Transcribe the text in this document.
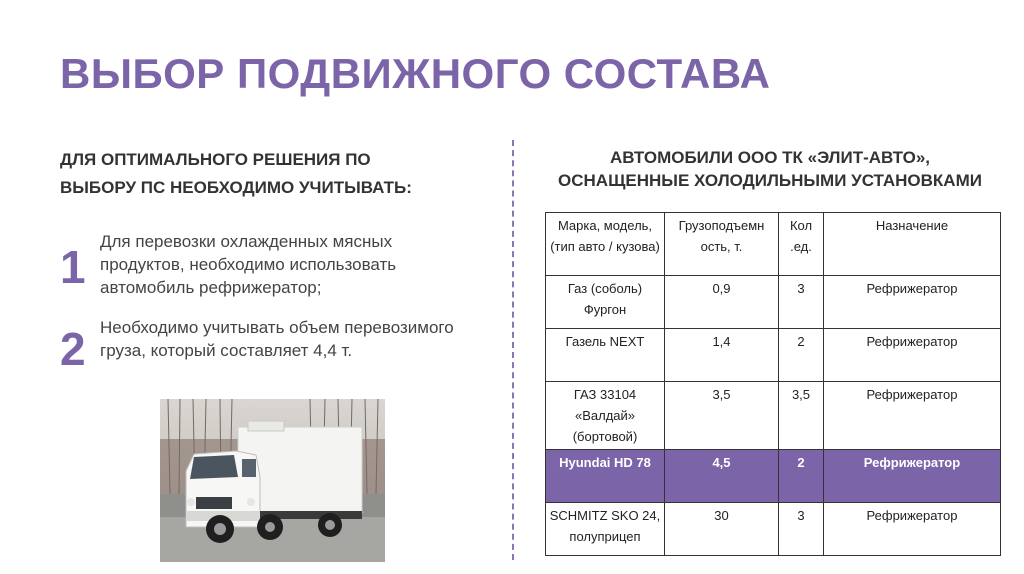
ВЫБОР ПОДВИЖНОГО СОСТАВА
ДЛЯ ОПТИМАЛЬНОГО РЕШЕНИЯ ПО
ВЫБОРУ ПС НЕОБХОДИМО УЧИТЫВАТЬ:
1 Для перевозки охлажденных мясных продуктов, необходимо использовать автомобиль рефрижератор;
2 Необходимо учитывать объем перевозимого груза, который составляет 4,4 т.
АВТОМОБИЛИ ООО ТК «ЭЛИТ-АВТО»,
ОСНАЩЕННЫЕ ХОЛОДИЛЬНЫМИ УСТАНОВКАМИ
Марка, модель, (тип авто / кузова)	Грузоподъемн ость, т.	Кол .ед.	Назначение
Газ (соболь) Фургон	0,9	3	Рефрижератор
Газель NEXT	1,4	2	Рефрижератор
ГАЗ 33104 «Валдай» (бортовой)	3,5	3,5	Рефрижератор
Hyundai HD 78	4,5	2	Рефрижератор
SCHMITZ SKO 24, полуприцеп	30	3	Рефрижератор
